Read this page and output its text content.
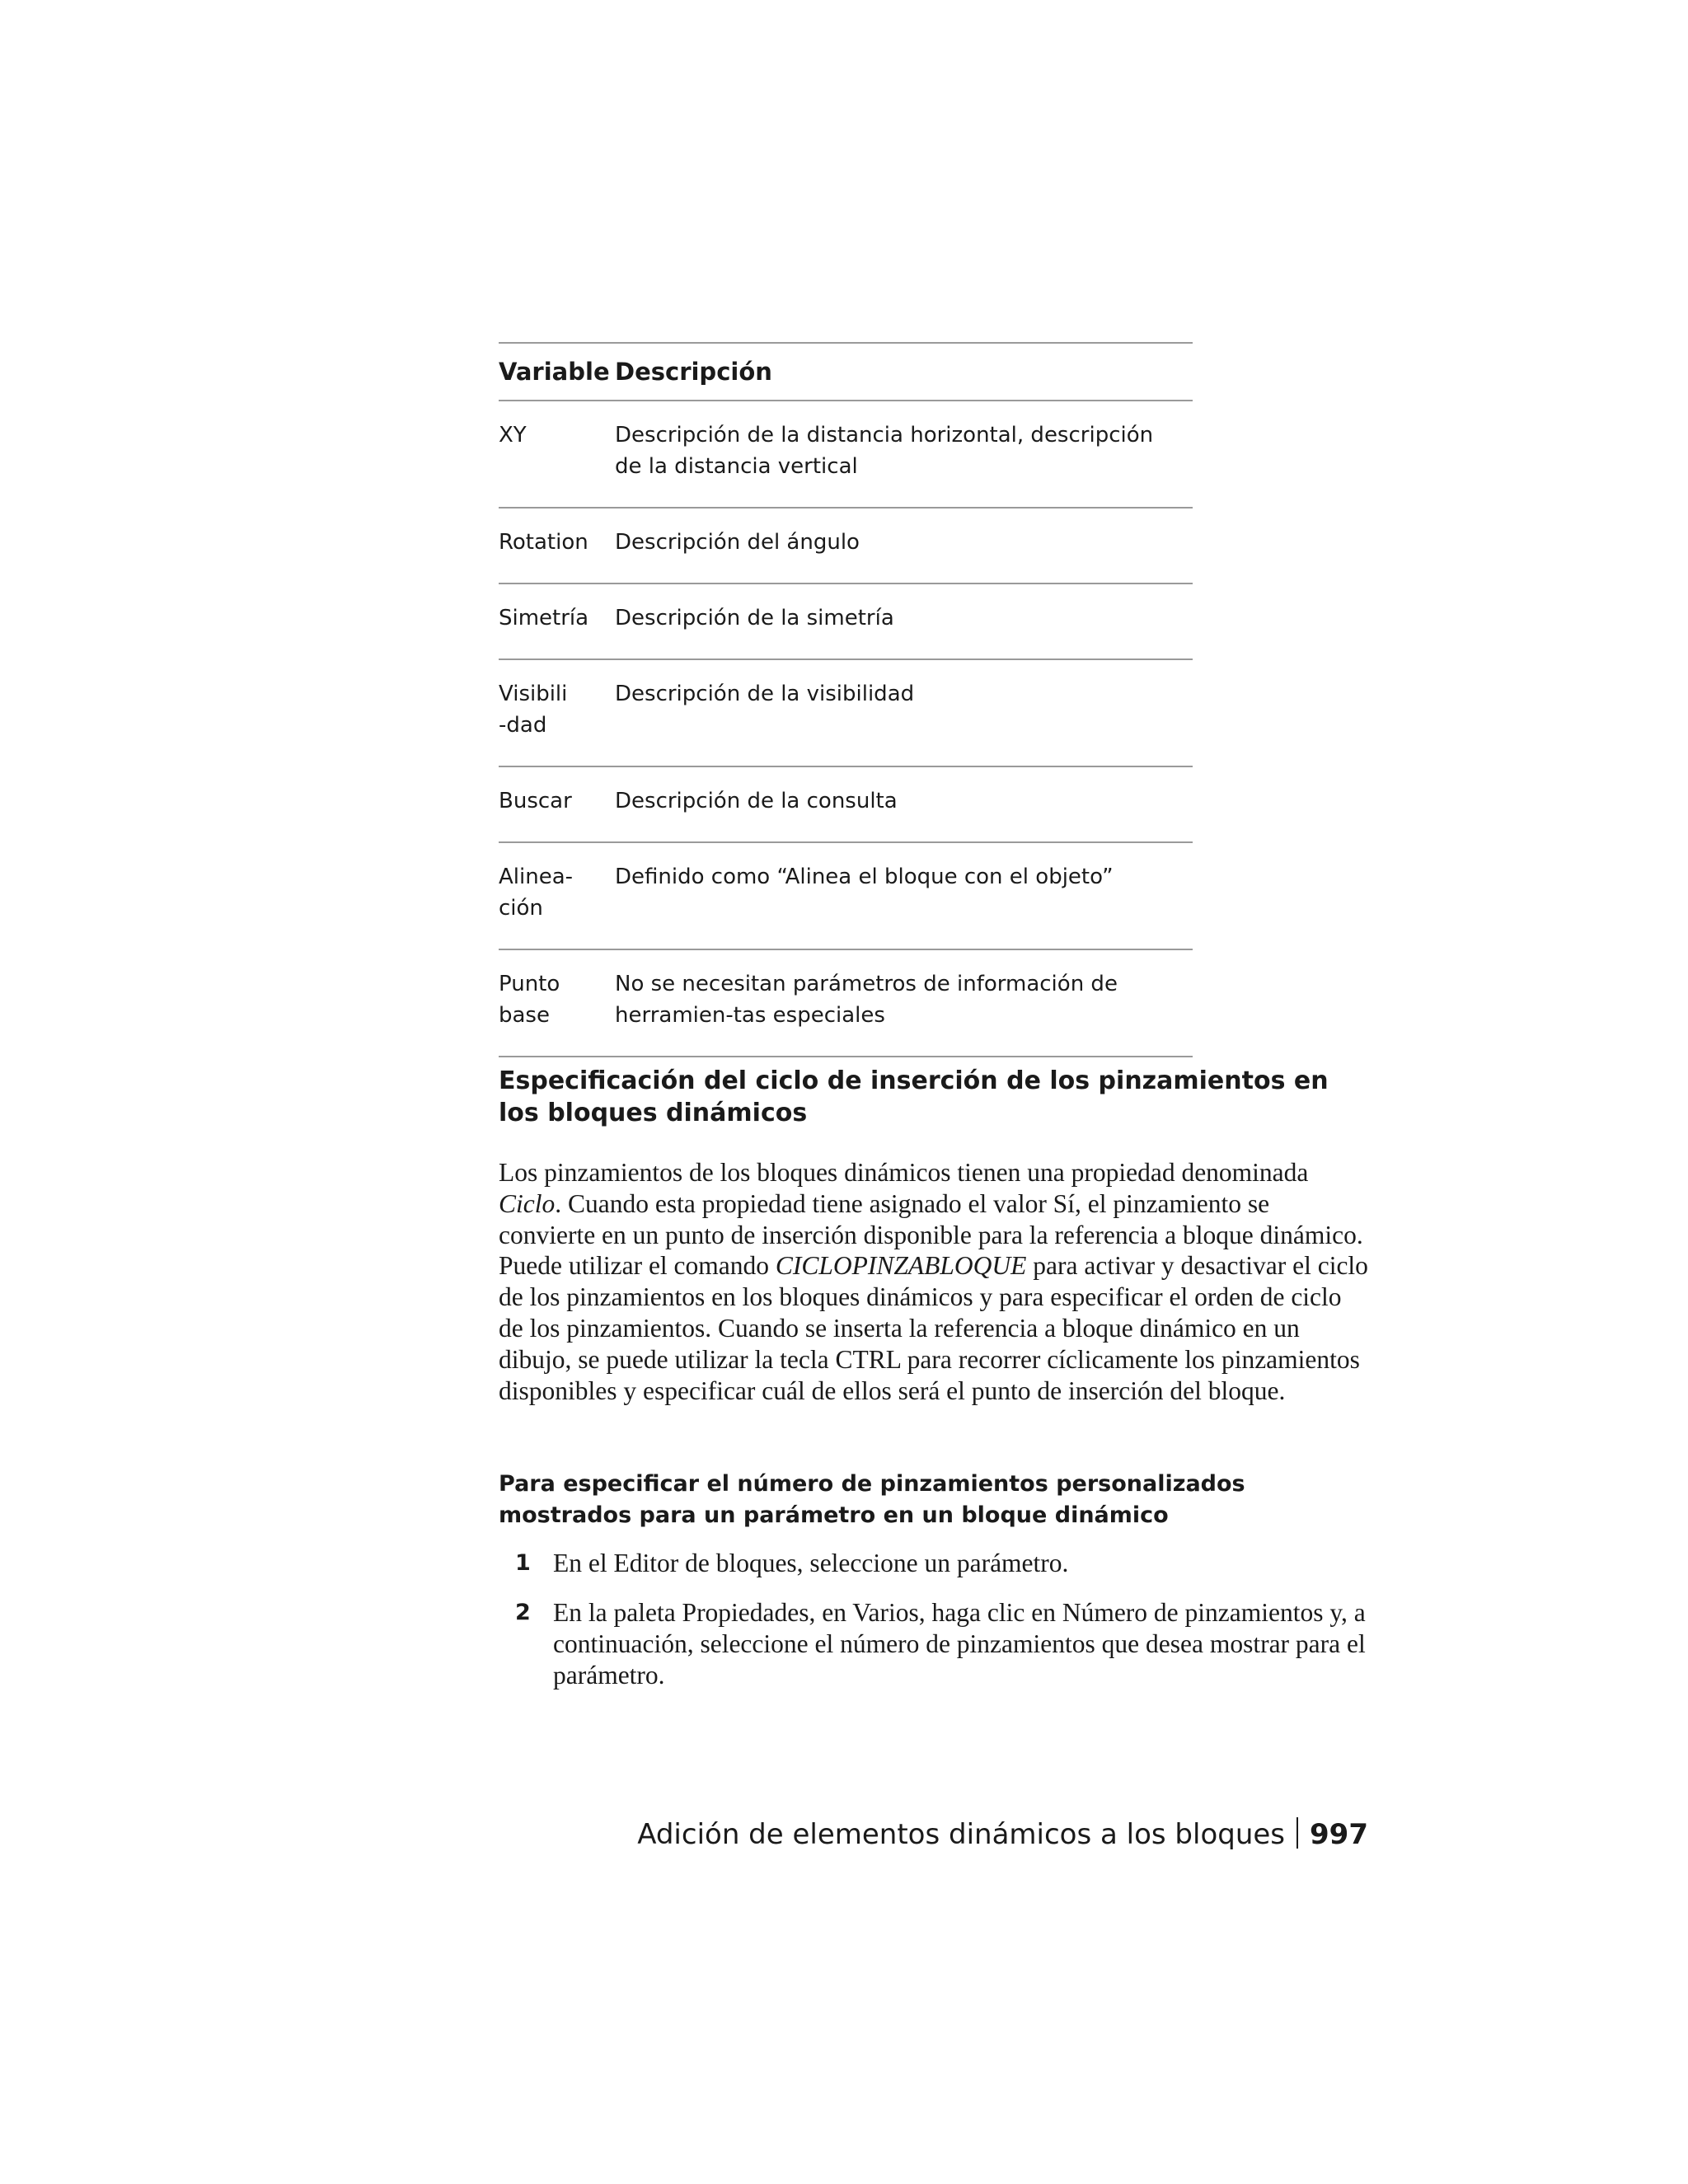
Variable	Descripción
XY	Descripción de la distancia horizontal, descripción de la distancia vertical
Rotation	Descripción del ángulo
Simetría	Descripción de la simetría
Visibili-dad	Descripción de la visibilidad
Buscar	Descripción de la consulta
Alinea-ción	Definido como “Alinea el bloque con el objeto”
Punto base	No se necesitan parámetros de información de herramien-tas especiales
Especificación del ciclo de inserción de los pinzamientos en los bloques dinámicos

Los pinzamientos de los bloques dinámicos tienen una propiedad denominada Ciclo. Cuando esta propiedad tiene asignado el valor Sí, el pinzamiento se convierte en un punto de inserción disponible para la referencia a bloque dinámico. Puede utilizar el comando CICLOPINZABLOQUE para activar y desactivar el ciclo de los pinzamientos en los bloques dinámicos y para especificar el orden de ciclo de los pinzamientos. Cuando se inserta la referencia a bloque dinámico en un dibujo, se puede utilizar la tecla CTRL para recorrer cíclicamente los pinzamientos disponibles y especificar cuál de ellos será el punto de inserción del bloque.

Para especificar el número de pinzamientos personalizados mostrados para un parámetro en un bloque dinámico
1 En el Editor de bloques, seleccione un parámetro.
2 En la paleta Propiedades, en Varios, haga clic en Número de pinzamientos y, a continuación, seleccione el número de pinzamientos que desea mostrar para el parámetro.
Adición de elementos dinámicos a los bloques 997
